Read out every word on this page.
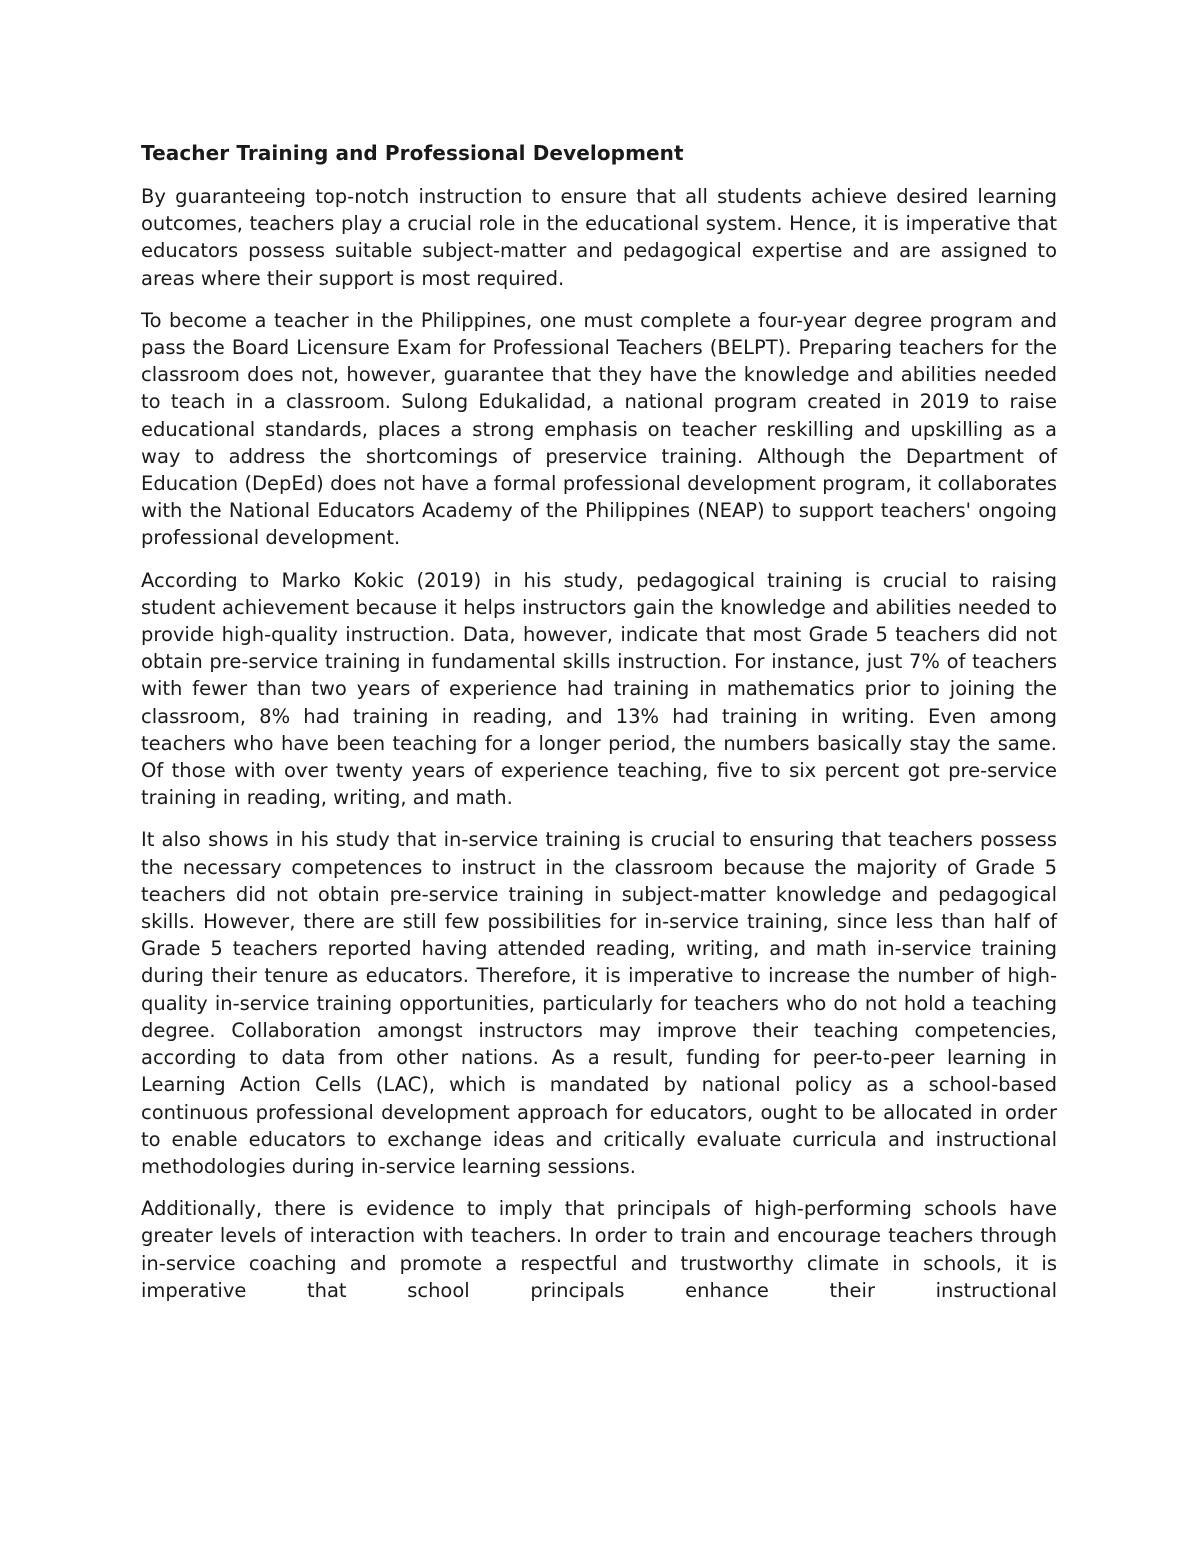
Teacher Training and Professional Development

By guaranteeing top-notch instruction to ensure that all students achieve desired learning outcomes, teachers play a crucial role in the educational system. Hence, it is imperative that educators possess suitable subject-matter and pedagogical expertise and are assigned to areas where their support is most required.

To become a teacher in the Philippines, one must complete a four-year degree program and pass the Board Licensure Exam for Professional Teachers (BELPT). Preparing teachers for the classroom does not, however, guarantee that they have the knowledge and abilities needed to teach in a classroom. Sulong Edukalidad, a national program created in 2019 to raise educational standards, places a strong emphasis on teacher reskilling and upskilling as a way to address the shortcomings of preservice training. Although the Department of Education (DepEd) does not have a formal professional development program, it collaborates with the National Educators Academy of the Philippines (NEAP) to support teachers' ongoing professional development.

According to Marko Kokic (2019) in his study, pedagogical training is crucial to raising student achievement because it helps instructors gain the knowledge and abilities needed to provide high-quality instruction. Data, however, indicate that most Grade 5 teachers did not obtain pre-service training in fundamental skills instruction. For instance, just 7% of teachers with fewer than two years of experience had training in mathematics prior to joining the classroom, 8% had training in reading, and 13% had training in writing. Even among teachers who have been teaching for a longer period, the numbers basically stay the same. Of those with over twenty years of experience teaching, five to six percent got pre-service training in reading, writing, and math.

It also shows in his study that in-service training is crucial to ensuring that teachers possess the necessary competences to instruct in the classroom because the majority of Grade 5 teachers did not obtain pre-service training in subject-matter knowledge and pedagogical skills. However, there are still few possibilities for in-service training, since less than half of Grade 5 teachers reported having attended reading, writing, and math in-service training during their tenure as educators. Therefore, it is imperative to increase the number of high-quality in-service training opportunities, particularly for teachers who do not hold a teaching degree. Collaboration amongst instructors may improve their teaching competencies, according to data from other nations. As a result, funding for peer-to-peer learning in Learning Action Cells (LAC), which is mandated by national policy as a school-based continuous professional development approach for educators, ought to be allocated in order to enable educators to exchange ideas and critically evaluate curricula and instructional methodologies during in-service learning sessions.

Additionally, there is evidence to imply that principals of high-performing schools have greater levels of interaction with teachers. In order to train and encourage teachers through in-service coaching and promote a respectful and trustworthy climate in schools, it is imperative that school principals enhance their instructional
